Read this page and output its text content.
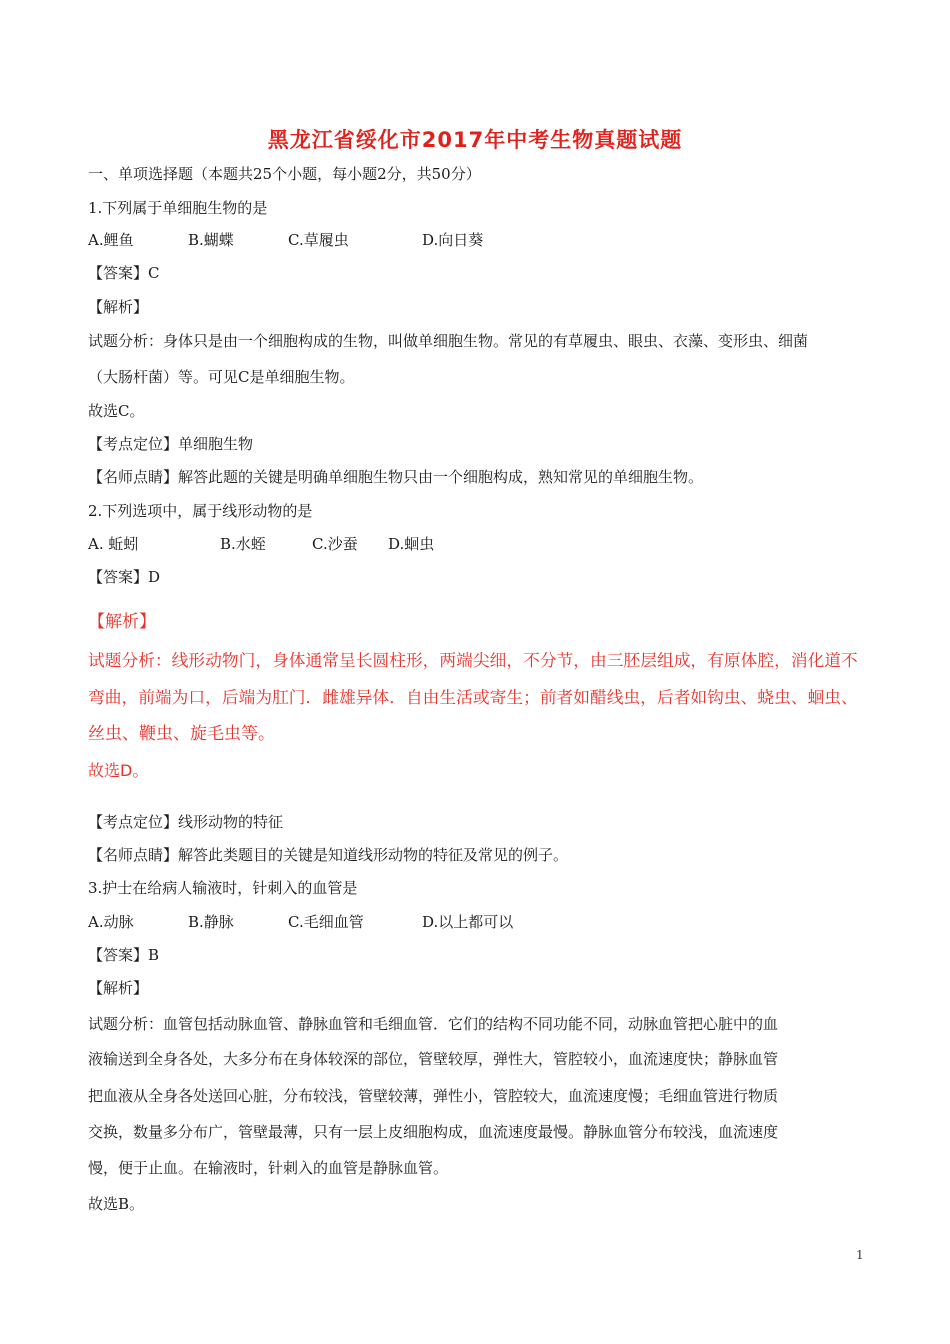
黑龙江省绥化市2017年中考生物真题试题
一、单项选择题（本题共25个小题，每小题2分，共50分）
1.下列属于单细胞生物的是
A.鲤鱼	B.蝴蝶	C.草履虫	D.向日葵
【答案】C
【解析】
试题分析：身体只是由一个细胞构成的生物，叫做单细胞生物。常见的有草履虫、眼虫、衣藻、变形虫、细菌
（大肠杆菌）等。可见C是单细胞生物。
故选C。
【考点定位】单细胞生物
【名师点睛】解答此题的关键是明确单细胞生物只由一个细胞构成，熟知常见的单细胞生物。
2.下列选项中，属于线形动物的是
A. 蚯蚓	B.水蛭	C.沙蚕 D.蛔虫
【答案】D
【解析】
试题分析：线形动物门，身体通常呈长圆柱形，两端尖细，不分节，由三胚层组成，有原体腔，消化道不
弯曲，前端为口，后端为肛门．雌雄异体．自由生活或寄生；前者如醋线虫，后者如钩虫、蛲虫、蛔虫、
丝虫、鞭虫、旋毛虫等。
故选D。
【考点定位】线形动物的特征
【名师点睛】解答此类题目的关键是知道线形动物的特征及常见的例子。
3.护士在给病人输液时，针刺入的血管是
A.动脉	B.静脉	C.毛细血管	D.以上都可以
【答案】B
【解析】
试题分析：血管包括动脉血管、静脉血管和毛细血管．它们的结构不同功能不同，动脉血管把心脏中的血
液输送到全身各处，大多分布在身体较深的部位，管壁较厚，弹性大，管腔较小，血流速度快；静脉血管
把血液从全身各处送回心脏，分布较浅，管壁较薄，弹性小，管腔较大，血流速度慢；毛细血管进行物质
交换，数量多分布广，管壁最薄，只有一层上皮细胞构成，血流速度最慢。静脉血管分布较浅，血流速度
慢，便于止血。在输液时，针刺入的血管是静脉血管。
故选B。
1
